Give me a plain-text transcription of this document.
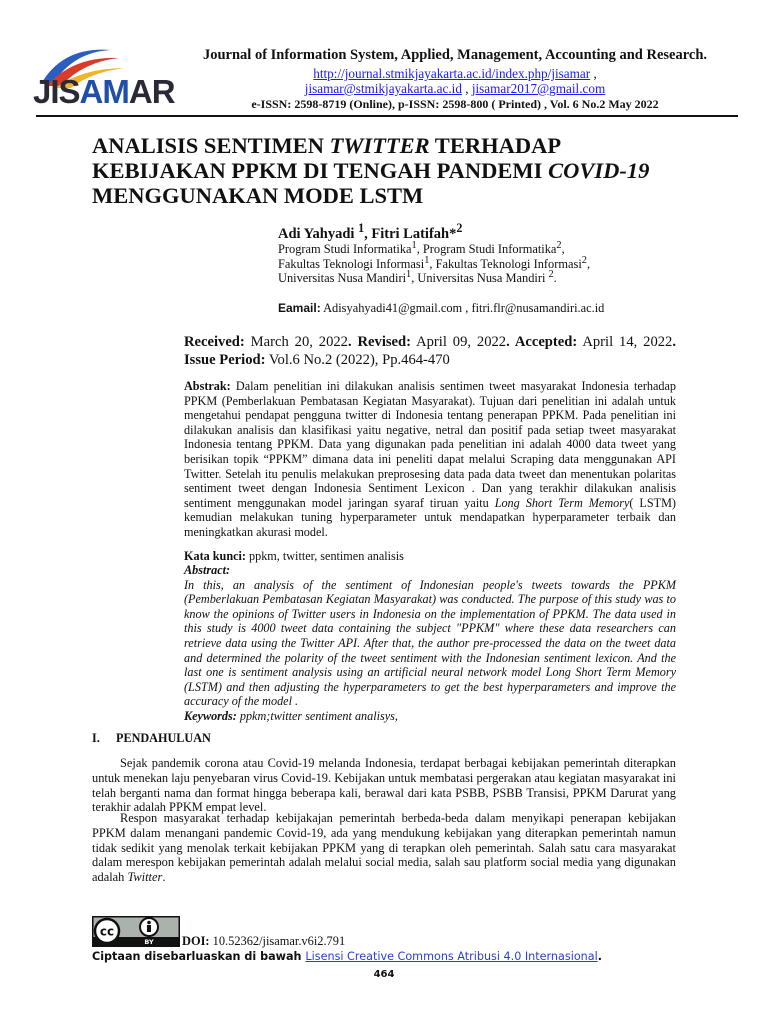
JISAMAR
Journal of Information System, Applied, Management, Accounting and Research.
http://journal.stmikjayakarta.ac.id/index.php/jisamar ,
jisamar@stmikjayakarta.ac.id , jisamar2017@gmail.com
e-ISSN: 2598-8719 (Online), p-ISSN: 2598-800 ( Printed) , Vol. 6 No.2 May 2022
ANALISIS SENTIMEN TWITTER TERHADAP
KEBIJAKAN PPKM DI TENGAH PANDEMI COVID-19
MENGGUNAKAN MODE LSTM
Adi Yahyadi $^1$, Fitri Latifah*$^2$
Program Studi Informatika$^1$, Program Studi Informatika$^2$,
Fakultas Teknologi Informasi$^1$, Fakultas Teknologi Informasi$^2$,
Universitas Nusa Mandiri$^1$, Universitas Nusa Mandiri $^2$.
Eamail: Adisyahyadi41@gmail.com , fitri.flr@nusamandiri.ac.id
Received: March 20, 2022. Revised: April 09, 2022. Accepted: April 14, 2022. Issue Period: Vol.6 No.2 (2022), Pp.464-470
Abstrak: Dalam penelitian ini dilakukan analisis sentimen tweet masyarakat Indonesia terhadap PPKM (Pemberlakuan Pembatasan Kegiatan Masyarakat). Tujuan dari penelitian ini adalah untuk mengetahui pendapat pengguna twitter di Indonesia tentang penerapan PPKM. Pada penelitian ini dilakukan analisis dan klasifikasi yaitu negative, netral dan positif pada setiap tweet masyarakat Indonesia tentang PPKM. Data yang digunakan pada penelitian ini adalah 4000 data tweet yang berisikan topik “PPKM” dimana data ini peneliti dapat melalui Scraping data menggunakan API Twitter. Setelah itu penulis melakukan preprosesing data pada data tweet dan menentukan polaritas sentiment tweet dengan Indonesia Sentiment Lexicon . Dan yang terakhir dilakukan analisis sentiment menggunakan model jaringan syaraf tiruan yaitu Long Short Term Memory( LSTM) kemudian melakukan tuning hyperparameter untuk mendapatkan hyperparameter terbaik dan meningkatkan akurasi model.
Kata kunci: ppkm, twitter, sentimen analisis
Abstract:
In this, an analysis of the sentiment of Indonesian people's tweets towards the PPKM (Pemberlakuan Pembatasan Kegiatan Masyarakat) was conducted. The purpose of this study was to know the opinions of Twitter users in Indonesia on the implementation of PPKM. The data used in this study is 4000 tweet data containing the subject "PPKM" where these data researchers can retrieve data using the Twitter API. After that, the author pre-processed the data on the tweet data and determined the polarity of the tweet sentiment with the Indonesian sentiment lexicon. And the last one is sentiment analysis using an artificial neural network model Long Short Term Memory (LSTM) and then adjusting the hyperparameters to get the best hyperparameters and improve the accuracy of the model .
Keywords: ppkm;twitter sentiment analisys,
I. PENDAHULUAN
Sejak pandemik corona atau Covid-19 melanda Indonesia, terdapat berbagai kebijakan pemerintah diterapkan untuk menekan laju penyebaran virus Covid-19. Kebijakan untuk membatasi pergerakan atau kegiatan masyarakat ini telah berganti nama dan format hingga beberapa kali, berawal dari kata PSBB, PSBB Transisi, PPKM Darurat yang terakhir adalah PPKM empat level.
Respon masyarakat terhadap kebijakajan pemerintah berbeda-beda dalam menyikapi penerapan kebijakan PPKM dalam menangani pandemic Covid-19, ada yang mendukung kebijakan yang diterapkan pemerintah namun tidak sedikit yang menolak terkait kebijakan PPKM yang di terapkan oleh pemerintah. Salah satu cara masyarakat dalam merespon kebijakan pemerintah adalah melalui social media, salah sau platform social media yang digunakan adalah Twitter.
cc
BY DOI: 10.52362/jisamar.v6i2.791
Ciptaan disebarluaskan di bawah Lisensi Creative Commons Atribusi 4.0 Internasional.
464
